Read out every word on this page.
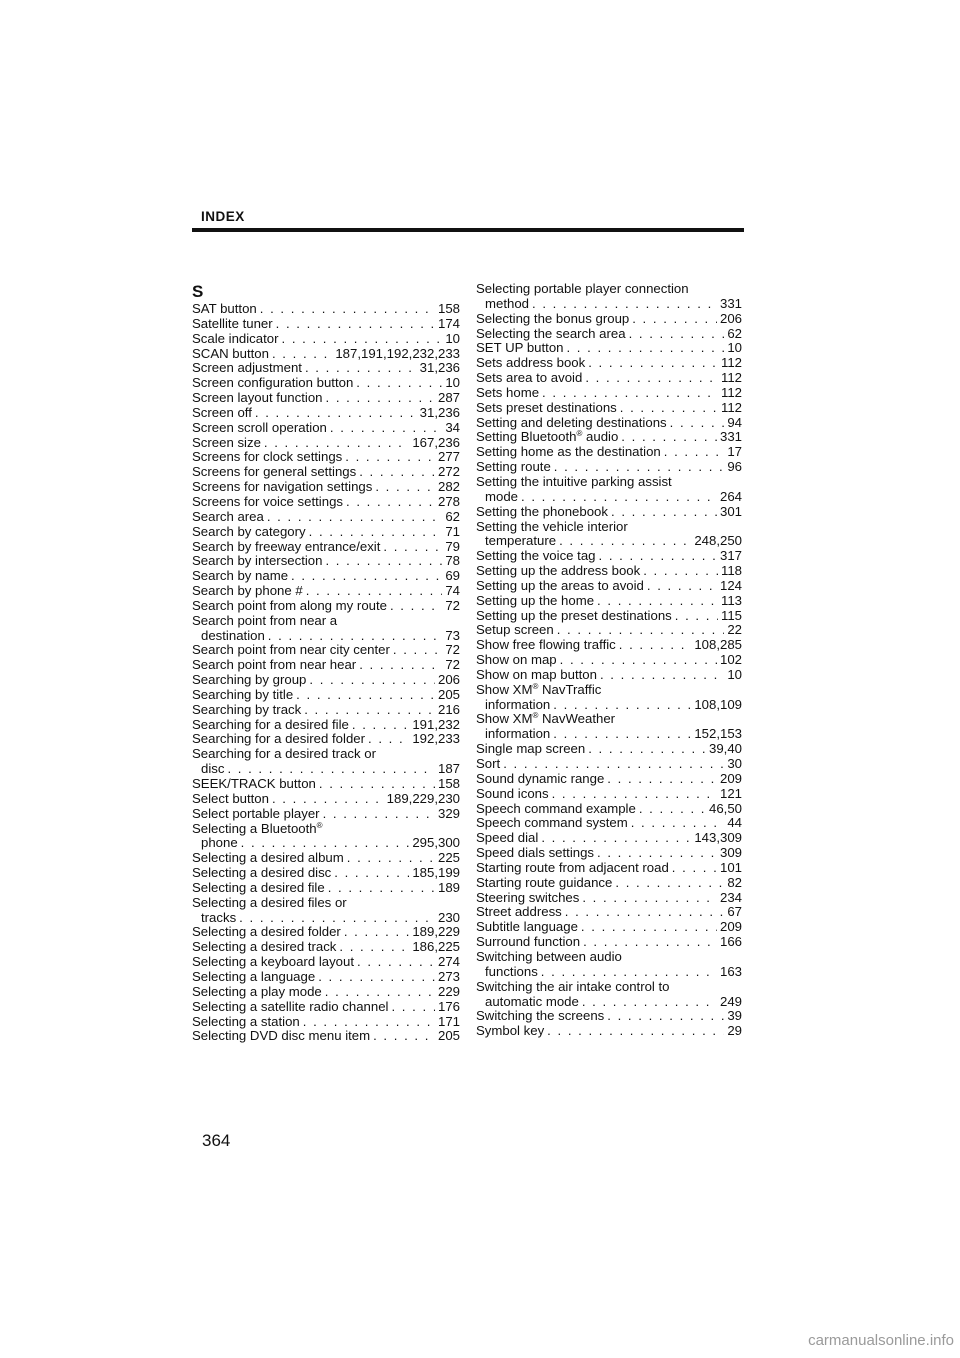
INDEX
S
SAT button . . .	158
Satellite tuner . . .	174
Scale indicator . . .	10
SCAN button . . .	187,191,192,232,233
Screen adjustment . . .	31,236
Screen configuration button . . .	10
Screen layout function . . .	287
Screen off . . .	31,236
Screen scroll operation . . .	34
Screen size . . .	167,236
Screens for clock settings . . .	277
Screens for general settings . . .	272
Screens for navigation settings . . .	282
Screens for voice settings . . .	278
Search area . . .	62
Search by category . . .	71
Search by freeway entrance/exit . . .	79
Search by intersection . . .	78
Search by name . . .	69
Search by phone # . . .	74
Search point from along my route . . .	72
Search point from near a
destination . . .	73
Search point from near city center . . .	72
Search point from near hear . . .	72
Searching by group . . .	206
Searching by title . . .	205
Searching by track . . .	216
Searching for a desired file . . .	191,232
Searching for a desired folder . . .	192,233
Searching for a desired track or
disc . . .	187
SEEK/TRACK button . . .	158
Select button . . .	189,229,230
Select portable player . . .	329
Selecting a Bluetooth®
phone . . .	295,300
Selecting a desired album . . .	225
Selecting a desired disc . . .	185,199
Selecting a desired file . . .	189
Selecting a desired files or
tracks . . .	230
Selecting a desired folder . . .	189,229
Selecting a desired track . . .	186,225
Selecting a keyboard layout . . .	274
Selecting a language . . .	273
Selecting a play mode . . .	229
Selecting a satellite radio channel . . .	176
Selecting a station . . .	171
Selecting DVD disc menu item . . .	205
Selecting portable player connection
method . . .	331
Selecting the bonus group . . .	206
Selecting the search area . . .	62
SET UP button . . .	10
Sets address book . . .	112
Sets area to avoid . . .	112
Sets home . . .	112
Sets preset destinations . . .	112
Setting and deleting destinations . . .	94
Setting Bluetooth® audio . . .	331
Setting home as the destination . . .	17
Setting route . . .	96
Setting the intuitive parking assist
mode . . .	264
Setting the phonebook . . .	301
Setting the vehicle interior
temperature . . .	248,250
Setting the voice tag . . .	317
Setting up the address book . . .	118
Setting up the areas to avoid . . .	124
Setting up the home . . .	113
Setting up the preset destinations . . .	115
Setup screen . . .	22
Show free flowing traffic . . .	108,285
Show on map . . .	102
Show on map button . . .	10
Show XM® NavTraffic
information . . .	108,109
Show XM® NavWeather
information . . .	152,153
Single map screen . . .	39,40
Sort . . .	30
Sound dynamic range . . .	209
Sound icons . . .	121
Speech command example . . .	46,50
Speech command system . . .	44
Speed dial . . .	143,309
Speed dials settings . . .	309
Starting route from adjacent road . . .	101
Starting route guidance . . .	82
Steering switches . . .	234
Street address . . .	67
Subtitle language . . .	209
Surround function . . .	166
Switching between audio
functions . . .	163
Switching the air intake control to
automatic mode . . .	249
Switching the screens . . .	39
Symbol key . . .	29
364
carmanualsonline.info
